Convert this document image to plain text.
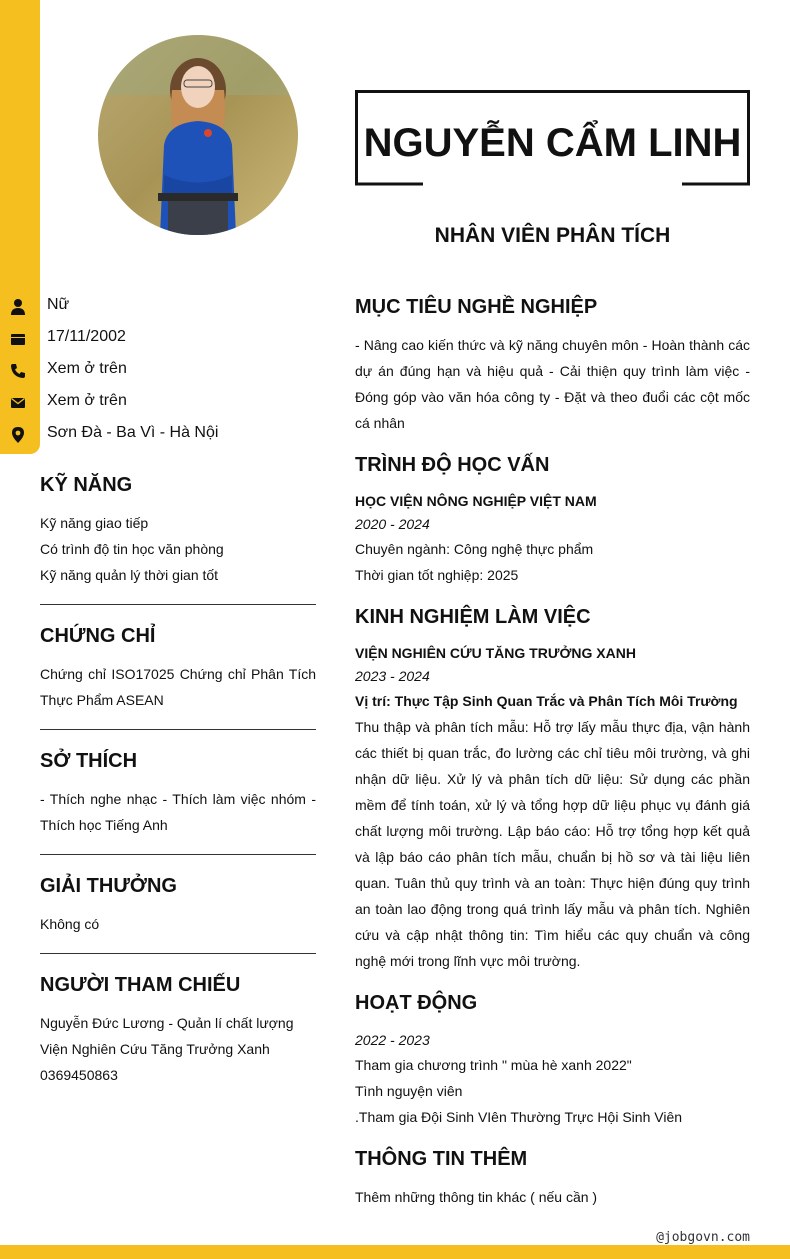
NGUYỄN CẨM LINH
NHÂN VIÊN PHÂN TÍCH
Nữ
17/11/2002
Xem ở trên
Xem ở trên
Sơn Đà - Ba Vì - Hà Nội
KỸ NĂNG

Kỹ năng giao tiếp

Có trình độ tin học văn phòng

Kỹ năng quản lý thời gian tốt

CHỨNG CHỈ

Chứng chỉ ISO17025 Chứng chỉ Phân Tích Thực Phẩm ASEAN

SỞ THÍCH

- Thích nghe nhạc - Thích làm việc nhóm - Thích học Tiếng Anh

GIẢI THƯỞNG

Không có

NGƯỜI THAM CHIẾU

Nguyễn Đức Lương - Quản lí chất lượng Viện Nghiên Cứu Tăng Trưởng Xanh 0369450863

MỤC TIÊU NGHỀ NGHIỆP

- Nâng cao kiến thức và kỹ năng chuyên môn - Hoàn thành các dự án đúng hạn và hiệu quả - Cải thiện quy trình làm việc - Đóng góp vào văn hóa công ty - Đặt và theo đuổi các cột mốc cá nhân

TRÌNH ĐỘ HỌC VẤN

HỌC VIỆN NÔNG NGHIỆP VIỆT NAM

2020 - 2024

Chuyên ngành: Công nghệ thực phẩm

Thời gian tốt nghiệp: 2025

KINH NGHIỆM LÀM VIỆC

VIỆN NGHIÊN CỨU TĂNG TRƯỞNG XANH

2023 - 2024

Vị trí: Thực Tập Sinh Quan Trắc và Phân Tích Môi Trường

Thu thập và phân tích mẫu: Hỗ trợ lấy mẫu thực địa, vận hành các thiết bị quan trắc, đo lường các chỉ tiêu môi trường, và ghi nhận dữ liệu. Xử lý và phân tích dữ liệu: Sử dụng các phần mềm để tính toán, xử lý và tổng hợp dữ liệu phục vụ đánh giá chất lượng môi trường. Lập báo cáo: Hỗ trợ tổng hợp kết quả và lập báo cáo phân tích mẫu, chuẩn bị hồ sơ và tài liệu liên quan. Tuân thủ quy trình và an toàn: Thực hiện đúng quy trình an toàn lao động trong quá trình lấy mẫu và phân tích. Nghiên cứu và cập nhật thông tin: Tìm hiểu các quy chuẩn và công nghệ mới trong lĩnh vực môi trường.

HOẠT ĐỘNG

2022 - 2023

Tham gia chương trình " mùa hè xanh 2022"

Tình nguyện viên

.Tham gia Đội Sinh VIên Thường Trực Hội Sinh Viên

THÔNG TIN THÊM

Thêm những thông tin khác ( nếu cần )

@jobgovn.com
